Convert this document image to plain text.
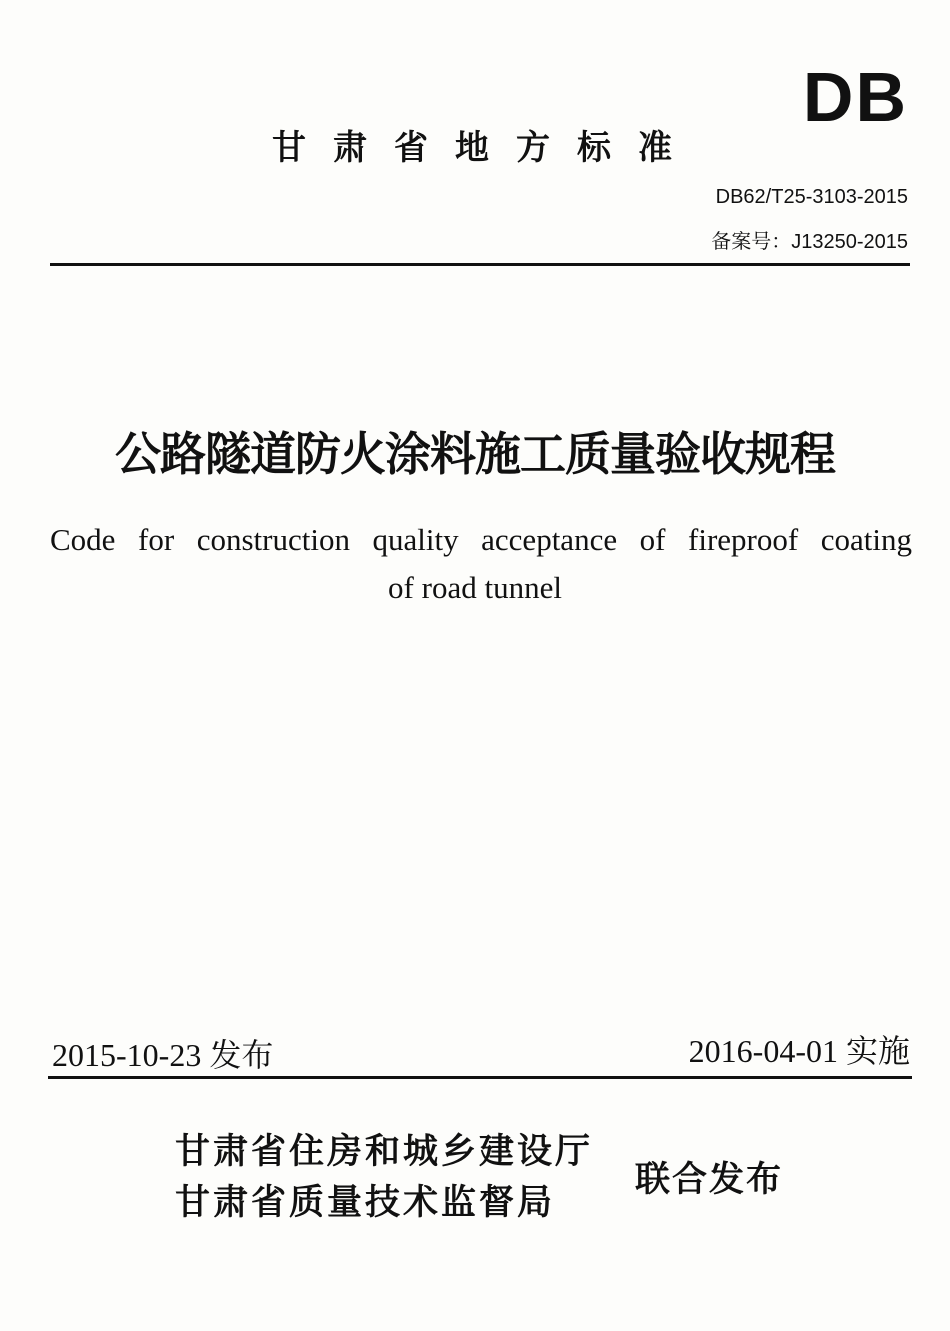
DB
甘肃省地方标准
DB62/T25-3103-2015
备案号：J13250-2015
公路隧道防火涂料施工质量验收规程
Code for construction quality acceptance of fireproof coating
of road tunnel
2015-10-23 发布	2016-04-01 实施
甘肃省住房和城乡建设厅
甘肃省质量技术监督局
联合发布
